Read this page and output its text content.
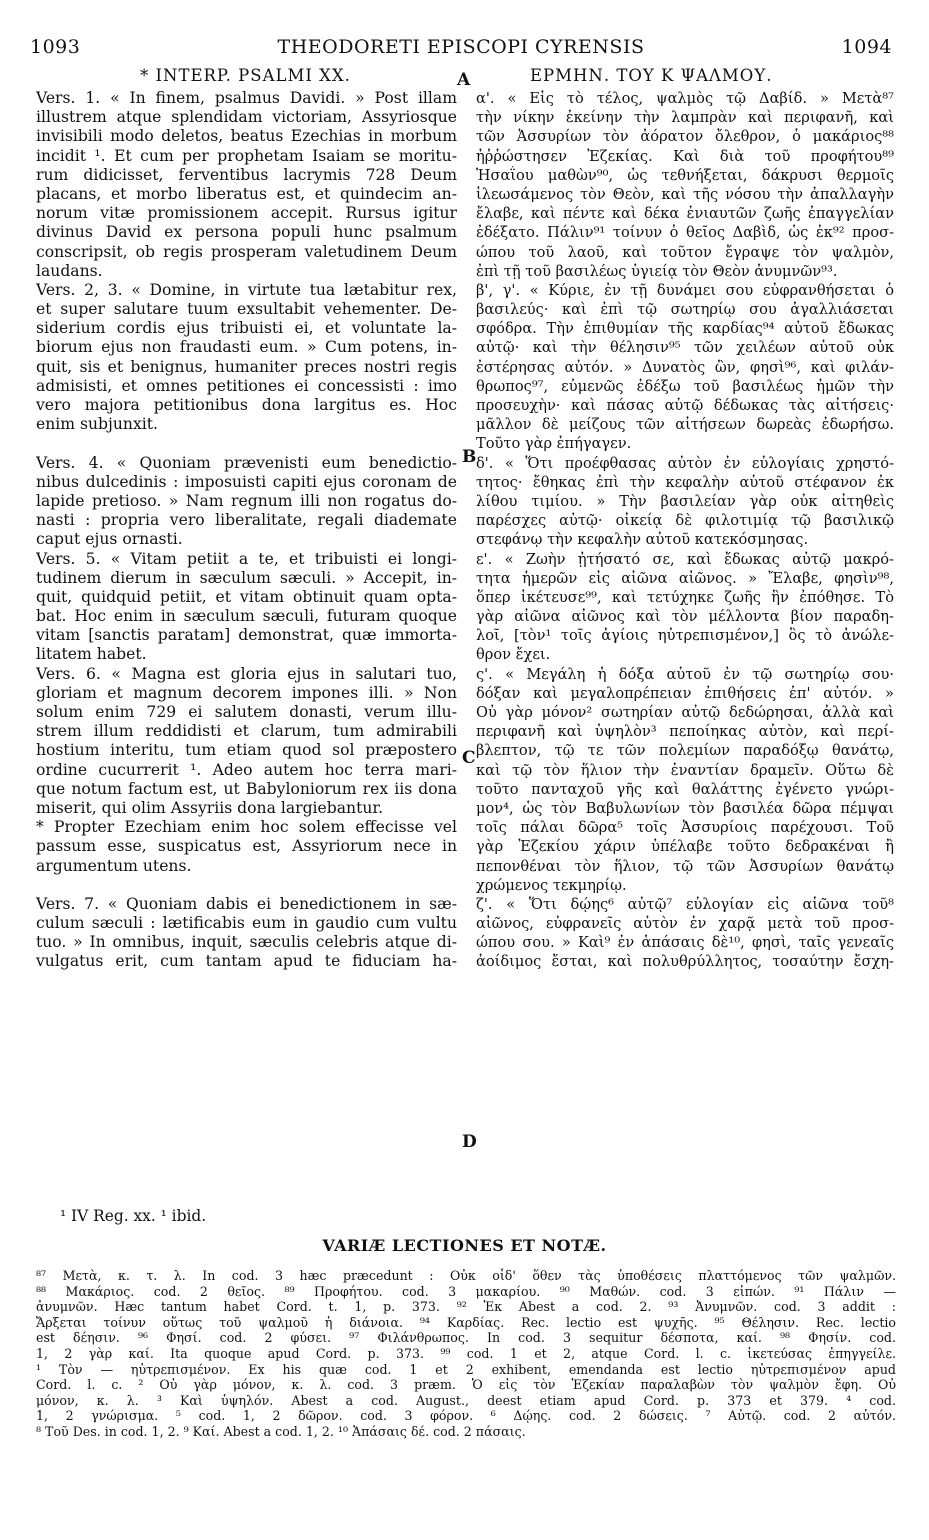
1093	THEODORETI EPISCOPI CYRENSIS	1094
* INTERP. PSALMI XX.	ΕΡΜΗΝ. ΤΟΥ Κ ΨΑΛΜΟΥ.
A
B
C
D
Vers. 1. « In finem, psalmus Davidi. » Post illam
illustrem atque splendidam victoriam, Assyriosque
invisibili modo deletos, beatus Ezechias in morbum
incidit ¹. Et cum per prophetam Isaiam se moritu-
rum didicisset, ferventibus lacrymis 728 Deum
placans, et morbo liberatus est, et quindecim an-
norum vitæ promissionem accepit. Rursus igitur
divinus David ex persona populi hunc psalmum
conscripsit, ob regis prosperam valetudinem Deum
laudans.
Vers. 2, 3. « Domine, in virtute tua lætabitur rex,
et super salutare tuum exsultabit vehementer. De-
siderium cordis ejus tribuisti ei, et voluntate la-
biorum ejus non fraudasti eum. » Cum potens, in-
quit, sis et benignus, humaniter preces nostri regis
admisisti, et omnes petitiones ei concessisti : imo
vero majora petitionibus dona largitus es. Hoc
enim subjunxit.
Vers. 4. « Quoniam prævenisti eum benedictio-
nibus dulcedinis : imposuisti capiti ejus coronam de
lapide pretioso. » Nam regnum illi non rogatus do-
nasti : propria vero liberalitate, regali diademate
caput ejus ornasti.
Vers. 5. « Vitam petiit a te, et tribuisti ei longi-
tudinem dierum in sæculum sæculi. » Accepit, in-
quit, quidquid petiit, et vitam obtinuit quam opta-
bat. Hoc enim in sæculum sæculi, futuram quoque
vitam [sanctis paratam] demonstrat, quæ immorta-
litatem habet.
Vers. 6. « Magna est gloria ejus in salutari tuo,
gloriam et magnum decorem impones illi. » Non
solum enim 729 ei salutem donasti, verum illu-
strem illum reddidisti et clarum, tum admirabili
hostium interitu, tum etiam quod sol præpostero
ordine cucurrerit ¹. Adeo autem hoc terra mari-
que notum factum est, ut Babyloniorum rex iis dona
miserit, qui olim Assyriis dona largiebantur.
* Propter Ezechiam enim hoc solem effecisse vel
passum esse, suspicatus est, Assyriorum nece in
argumentum utens.
Vers. 7. « Quoniam dabis ei benedictionem in sæ-
culum sæculi : lætificabis eum in gaudio cum vultu
tuo. » In omnibus, inquit, sæculis celebris atque di-
vulgatus erit, cum tantam apud te fiduciam ha-
α'. « Εἰς τὸ τέλος, ψαλμὸς τῷ Δαβίδ. » Μετὰ⁸⁷
τὴν νίκην ἐκείνην τὴν λαμπρὰν καὶ περιφανῆ, καὶ
τῶν Ἀσσυρίων τὸν ἀόρατον ὄλεθρον, ὁ μακάριος⁸⁸
ἠῤῥώστησεν Ἐζεκίας. Καὶ διὰ τοῦ προφήτου⁸⁹
Ἡσαΐου μαθὼν⁹⁰, ὡς τεθνήξεται, δάκρυσι θερμοῖς
ἱλεωσάμενος τὸν Θεὸν, καὶ τῆς νόσου τὴν ἀπαλλαγὴν
ἔλαβε, καὶ πέντε καὶ δέκα ἐνιαυτῶν ζωῆς ἐπαγγελίαν
ἐδέξατο. Πάλιν⁹¹ τοίνυν ὁ θεῖος Δαβὶδ, ὡς ἐκ⁹² προσ-
ώπου τοῦ λαοῦ, καὶ τοῦτον ἔγραψε τὸν ψαλμὸν,
ἐπὶ τῇ τοῦ βασιλέως ὑγιείᾳ τὸν Θεὸν ἀνυμνῶν⁹³.
β', γ'. « Κύριε, ἐν τῇ δυνάμει σου εὐφρανθήσεται ὁ
βασιλεύς· καὶ ἐπὶ τῷ σωτηρίῳ σου ἀγαλλιάσεται
σφόδρα. Τὴν ἐπιθυμίαν τῆς καρδίας⁹⁴ αὐτοῦ ἔδωκας
αὐτῷ· καὶ τὴν θέλησιν⁹⁵ τῶν χειλέων αὐτοῦ οὐκ
ἐστέρησας αὐτόν. » Δυνατὸς ὢν, φησὶ⁹⁶, καὶ φιλάν-
θρωπος⁹⁷, εὐμενῶς ἐδέξω τοῦ βασιλέως ἡμῶν τὴν
προσευχὴν· καὶ πάσας αὐτῷ δέδωκας τὰς αἰτήσεις·
μᾶλλον δὲ μείζους τῶν αἰτήσεων δωρεὰς ἐδωρήσω.
Τοῦτο γὰρ ἐπήγαγεν.
δ'. « Ὅτι προέφθασας αὐτὸν ἐν εὐλογίαις χρηστό-
τητος· ἔθηκας ἐπὶ τὴν κεφαλὴν αὐτοῦ στέφανον ἐκ
λίθου τιμίου. » Τὴν βασιλείαν γὰρ οὐκ αἰτηθεὶς
παρέσχες αὐτῷ· οἰκείᾳ δὲ φιλοτιμίᾳ τῷ βασιλικῷ
στεφάνῳ τὴν κεφαλὴν αὐτοῦ κατεκόσμησας.
ε'. « Ζωὴν ᾐτήσατό σε, καὶ ἔδωκας αὐτῷ μακρό-
τητα ἡμερῶν εἰς αἰῶνα αἰῶνος. » Ἔλαβε, φησὶν⁹⁸,
ὅπερ ἱκέτευσε⁹⁹, καὶ τετύχηκε ζωῆς ἣν ἐπόθησε. Τὸ
γὰρ αἰῶνα αἰῶνος καὶ τὸν μέλλοντα βίον παραδη-
λοῖ, [τὸν¹ τοῖς ἁγίοις ηὐτρεπισμένον,] ὃς τὸ ἀνώλε-
θρον ἔχει.
ς'. « Μεγάλη ἡ δόξα αὐτοῦ ἐν τῷ σωτηρίῳ σου·
δόξαν καὶ μεγαλοπρέπειαν ἐπιθήσεις ἐπ' αὐτόν. »
Οὐ γὰρ μόνον² σωτηρίαν αὐτῷ δεδώρησαι, ἀλλὰ καὶ
περιφανῆ καὶ ὑψηλὸν³ πεποίηκας αὐτὸν, καὶ περί-
βλεπτον, τῷ τε τῶν πολεμίων παραδόξῳ θανάτῳ,
καὶ τῷ τὸν ἥλιον τὴν ἐναντίαν δραμεῖν. Οὕτω δὲ
τοῦτο πανταχοῦ γῆς καὶ θαλάττης ἐγένετο γνώρι-
μον⁴, ὡς τὸν Βαβυλωνίων τὸν βασιλέα δῶρα πέμψαι
τοῖς πάλαι δῶρα⁵ τοῖς Ἀσσυρίοις παρέχουσι. Τοῦ
γὰρ Ἐζεκίου χάριν ὑπέλαβε τοῦτο δεδρακέναι ἢ
πεπονθέναι τὸν ἥλιον, τῷ τῶν Ἀσσυρίων θανάτῳ
χρώμενος τεκμηρίῳ.
ζ'. « Ὅτι δῴης⁶ αὐτῷ⁷ εὐλογίαν εἰς αἰῶνα τοῦ⁸
αἰῶνος, εὐφρανεῖς αὐτὸν ἐν χαρᾷ μετὰ τοῦ προσ-
ώπου σου. » Καὶ⁹ ἐν ἁπάσαις δὲ¹⁰, φησὶ, ταῖς γενεαῖς
ἀοίδιμος ἔσται, καὶ πολυθρύλλητος, τοσαύτην ἔσχη-
¹ IV Reg. xx. ¹ ibid.
VARIÆ LECTIONES ET NOTÆ.
⁸⁷ Μετὰ, κ. τ. λ. In cod. 3 hæc præcedunt : Οὐκ οἶδ' ὅθεν τὰς ὑποθέσεις πλαττόμενος τῶν ψαλμῶν.
⁸⁸ Μακάριος. cod. 2 θεῖος. ⁸⁹ Προφήτου. cod. 3 μακαρίου. ⁹⁰ Μαθών. cod. 3 εἰπών. ⁹¹ Πάλιν —
ἀνυμνῶν. Hæc tantum habet Cord. t. 1, p. 373. ⁹² Ἐκ Abest a cod. 2. ⁹³ Ἀνυμνῶν. cod. 3 addit :
Ἄρξεται τοίνυν οὕτως τοῦ ψαλμοῦ ἡ διάνοια. ⁹⁴ Καρδίας. Rec. lectio est ψυχῆς. ⁹⁵ Θέλησιν. Rec. lectio
est δέησιν. ⁹⁶ Φησί. cod. 2 φύσει. ⁹⁷ Φιλάνθρωπος. In cod. 3 sequitur δέσποτα, καί. ⁹⁸ Φησίν. cod.
1, 2 γὰρ καί. Ita quoque apud Cord. p. 373. ⁹⁹ cod. 1 et 2, atque Cord. l. c. ἱκετεύσας ἐπηγγείλε.
¹ Τὸν — ηὐτρεπισμένον. Ex his quæ cod. 1 et 2 exhibent, emendanda est lectio ηὐτρεπισμένον apud
Cord. l. c. ² Οὐ γὰρ μόνον, κ. λ. cod. 3 præm. Ὁ εἰς τὸν Ἐζεκίαν παραλαβὼν τὸν ψαλμὸν ἔφη. Οὐ
μόνον, κ. λ. ³ Καὶ ὑψηλόν. Abest a cod. August., deest etiam apud Cord. p. 373 et 379. ⁴ cod.
1, 2 γνώρισμα. ⁵ cod. 1, 2 δῶρον. cod. 3 φόρον. ⁶ Δῴης. cod. 2 δώσεις. ⁷ Αὐτῷ. cod. 2 αὐτόν.
⁸ Τοῦ Des. in cod. 1, 2. ⁹ Καί. Abest a cod. 1, 2. ¹⁰ Ἁπάσαις δέ. cod. 2 πάσαις.
